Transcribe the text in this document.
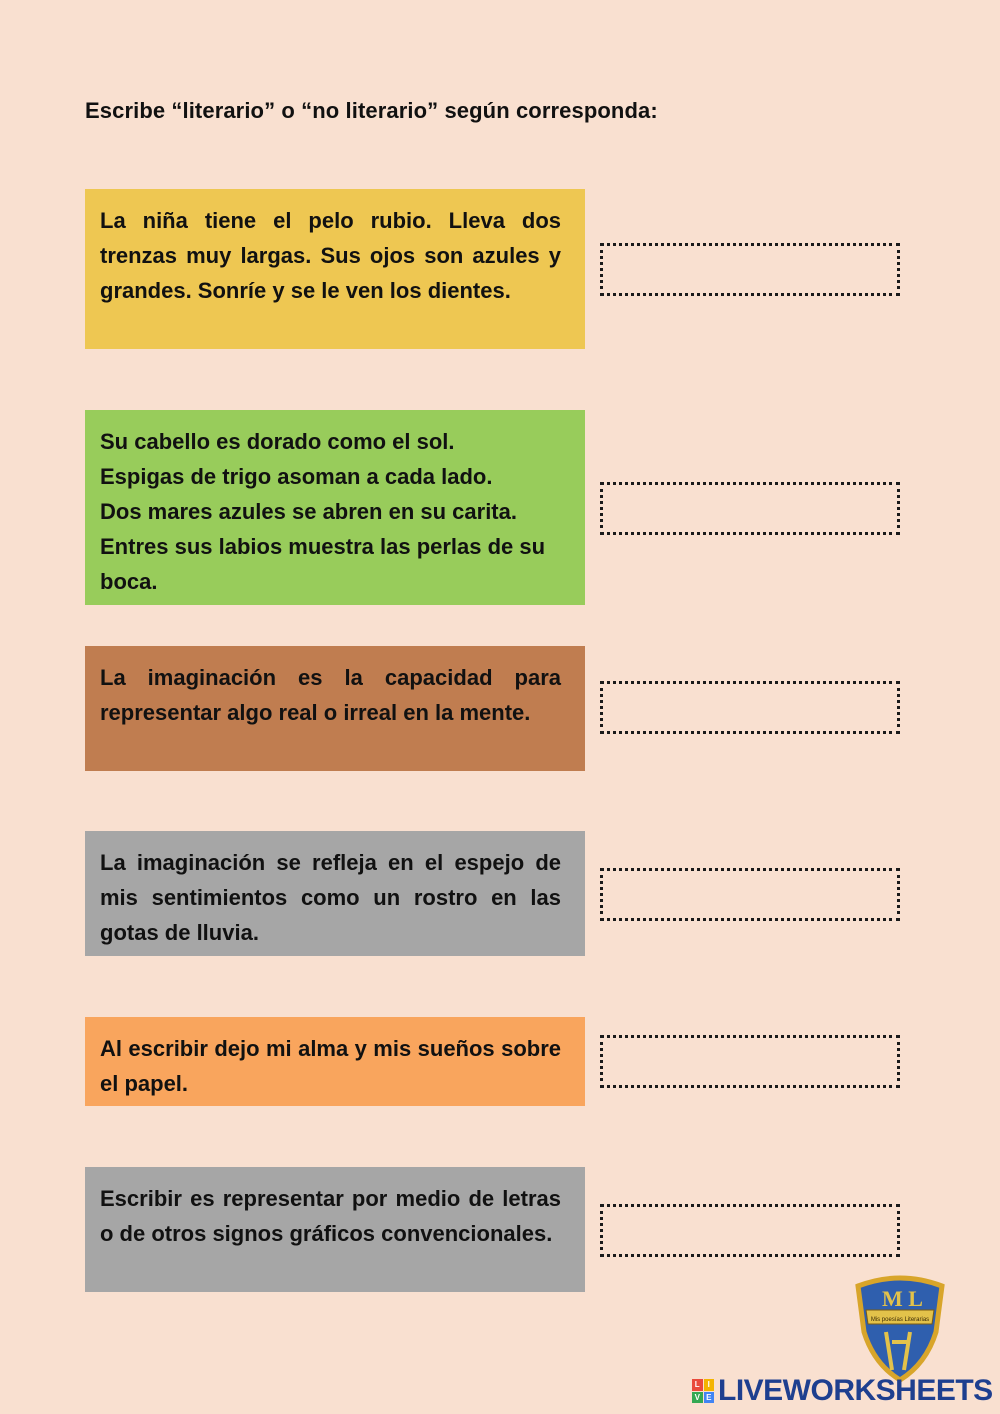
Escribe “literario” o “no literario” según corresponda:

La niña tiene el pelo rubio. Lleva dos trenzas muy largas. Sus ojos son azules y grandes. Sonríe y se le ven los dientes.

Su cabello es dorado como el sol.

Espigas de trigo asoman a cada lado.

Dos mares azules se abren en su carita.

Entres sus labios muestra las perlas de su boca.

La imaginación es la capacidad para representar algo real o irreal en la mente.

La imaginación se refleja en el espejo de mis sentimientos como un rostro en las gotas de lluvia.

Al escribir dejo mi alma y mis sueños sobre el papel.

Escribir es representar por medio de letras o de otros signos gráficos convencionales.

M L
Mis poesías Literarias
L I
V E LIVEWORKSHEETS
